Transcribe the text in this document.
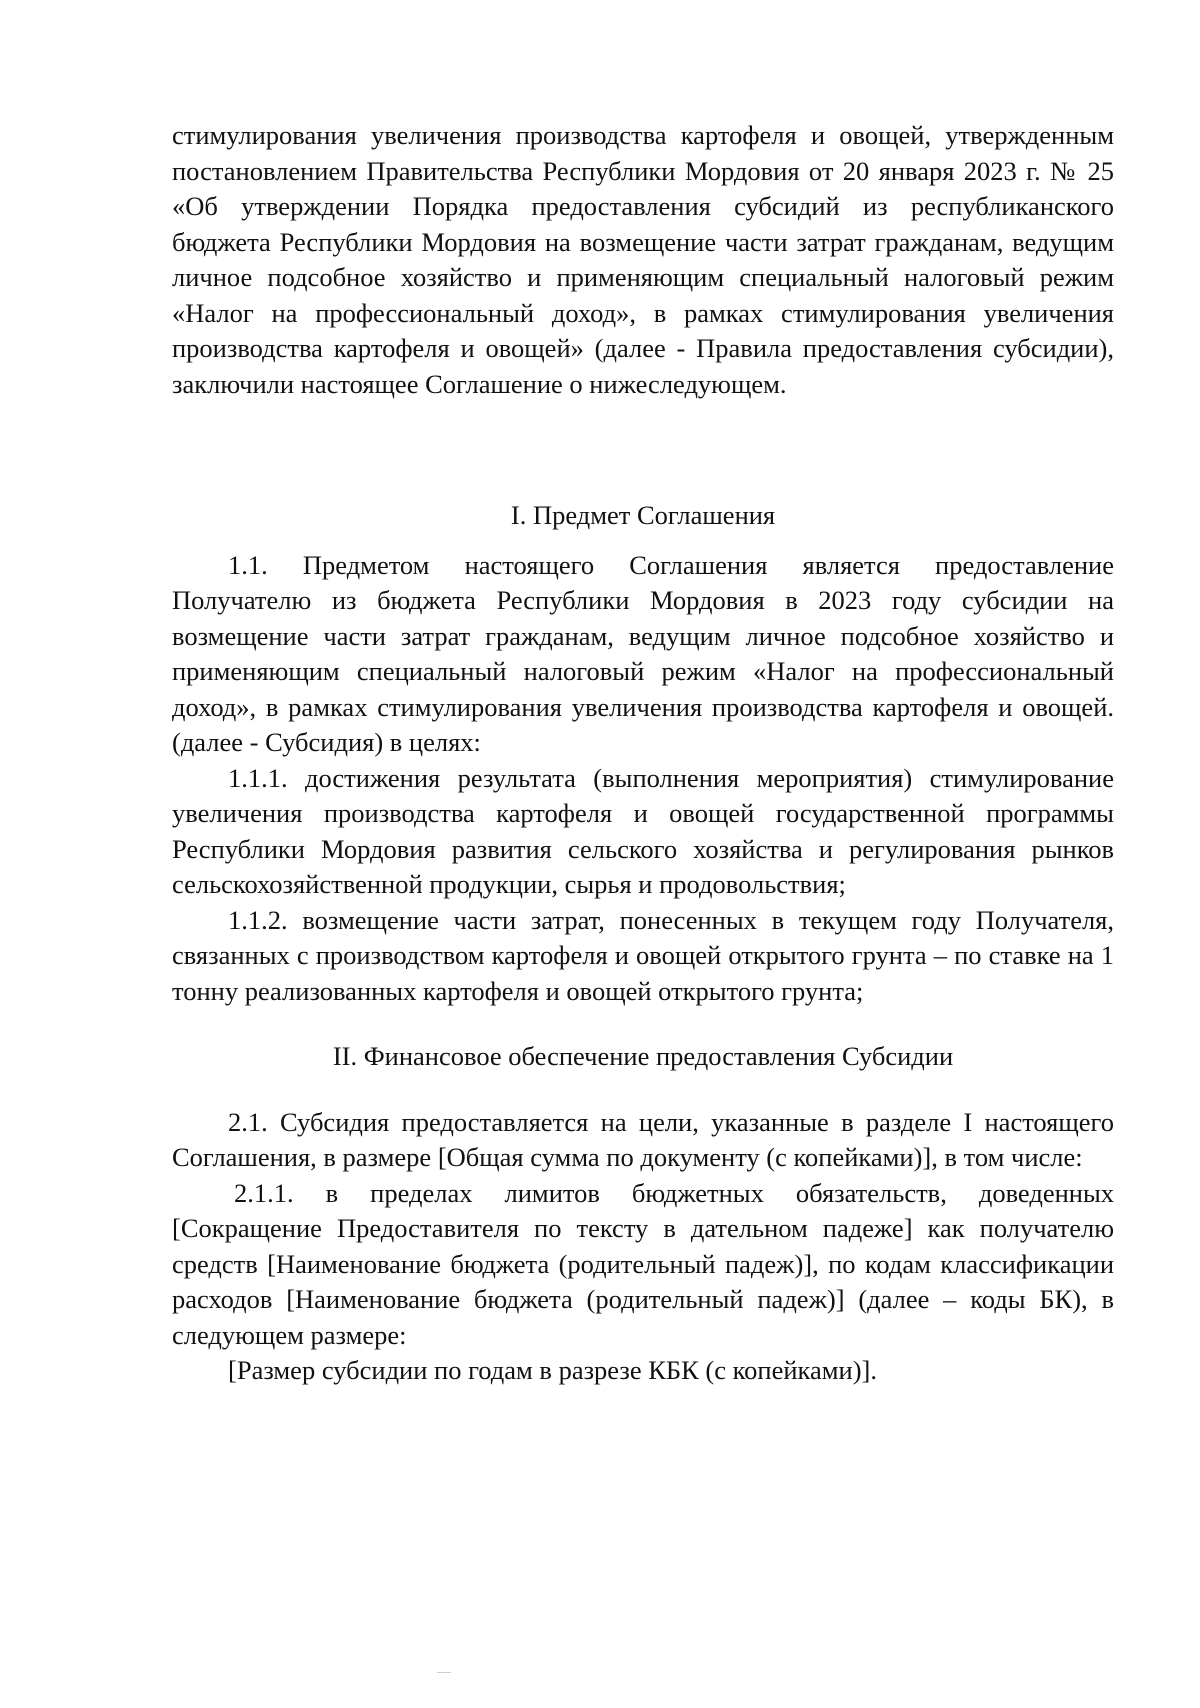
стимулирования увеличения производства картофеля и овощей, утвержденным постановлением Правительства Республики Мордовия от 20 января 2023 г. № 25 «Об утверждении Порядка предоставления субсидий из республиканского бюджета Республики Мордовия на возмещение части затрат гражданам, ведущим личное подсобное хозяйство и применяющим специальный налоговый режим «Налог на профессиональный доход», в рамках стимулирования увеличения производства картофеля и овощей» (далее - Правила предоставления субсидии), заключили настоящее Соглашение о нижеследующем.

I. Предмет Соглашения

1.1. Предметом настоящего Соглашения является предоставление Получателю из бюджета Республики Мордовия в 2023 году субсидии на возмещение части затрат гражданам, ведущим личное подсобное хозяйство и применяющим специальный налоговый режим «Налог на профессиональный доход», в рамках стимулирования увеличения производства картофеля и овощей. (далее - Субсидия) в целях:

1.1.1. достижения результата (выполнения мероприятия) стимулирование увеличения производства картофеля и овощей государственной программы Республики Мордовия развития сельского хозяйства и регулирования рынков сельскохозяйственной продукции, сырья и продовольствия;

1.1.2. возмещение части затрат, понесенных в текущем году Получателя, связанных с производством картофеля и овощей открытого грунта – по ставке на 1 тонну реализованных картофеля и овощей открытого грунта;

II. Финансовое обеспечение предоставления Субсидии

2.1. Субсидия предоставляется на цели, указанные в разделе I настоящего Соглашения, в размере [Общая сумма по документу (с копейками)], в том числе:

2.1.1. в пределах лимитов бюджетных обязательств, доведенных [Сокращение Предоставителя по тексту в дательном падеже] как получателю средств [Наименование бюджета (родительный падеж)], по кодам классификации расходов [Наименование бюджета (родительный падеж)] (далее – коды БК), в следующем размере:

[Размер субсидии по годам в разрезе КБК (с копейками)].
